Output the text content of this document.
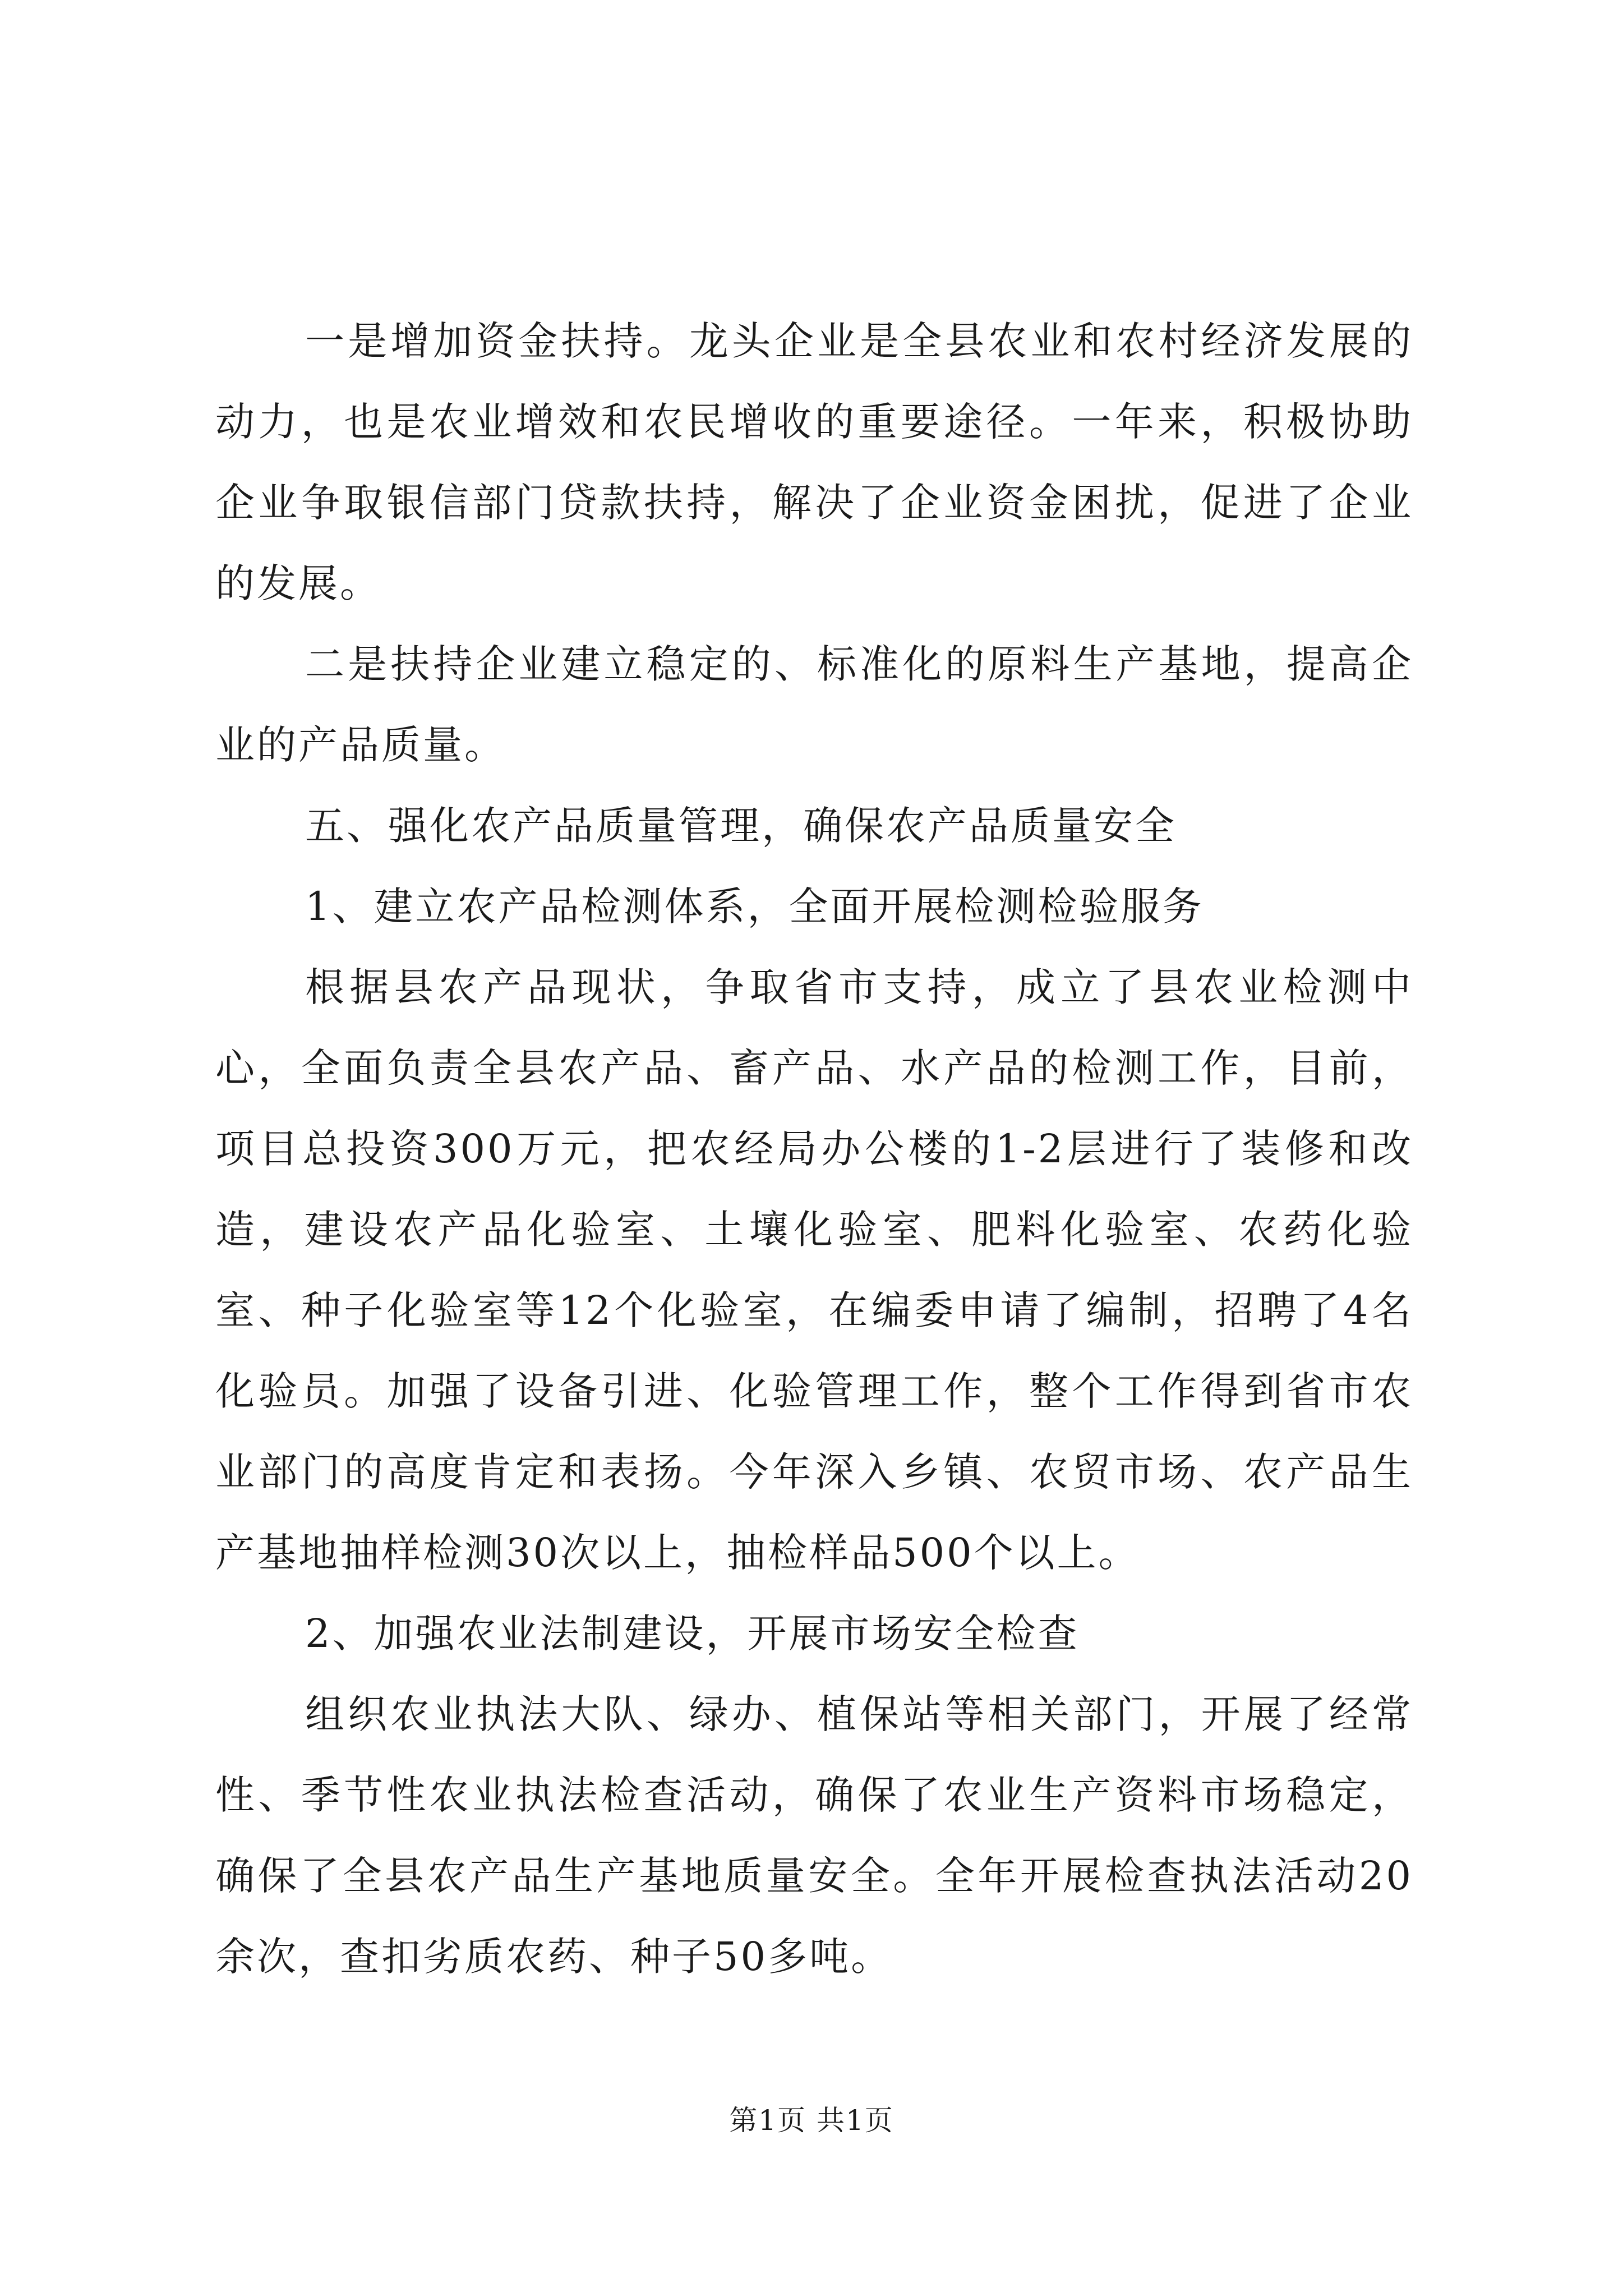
一是增加资金扶持。龙头企业是全县农业和农村经济发展的动力，也是农业增效和农民增收的重要途径。一年来，积极协助企业争取银信部门贷款扶持，解决了企业资金困扰，促进了企业的发展。

二是扶持企业建立稳定的、标准化的原料生产基地，提高企业的产品质量。

五、强化农产品质量管理，确保农产品质量安全

1、建立农产品检测体系，全面开展检测检验服务

根据县农产品现状，争取省市支持，成立了县农业检测中心，全面负责全县农产品、畜产品、水产品的检测工作，目前，项目总投资300万元，把农经局办公楼的1-2层进行了装修和改造，建设农产品化验室、土壤化验室、肥料化验室、农药化验室、种子化验室等12个化验室，在编委申请了编制，招聘了4名化验员。加强了设备引进、化验管理工作，整个工作得到省市农业部门的高度肯定和表扬。今年深入乡镇、农贸市场、农产品生产基地抽样检测30次以上，抽检样品500个以上。

2、加强农业法制建设，开展市场安全检查

组织农业执法大队、绿办、植保站等相关部门，开展了经常性、季节性农业执法检查活动，确保了农业生产资料市场稳定，确保了全县农产品生产基地质量安全。全年开展检查执法活动20余次，查扣劣质农药、种子50多吨。

第1页 共1页
